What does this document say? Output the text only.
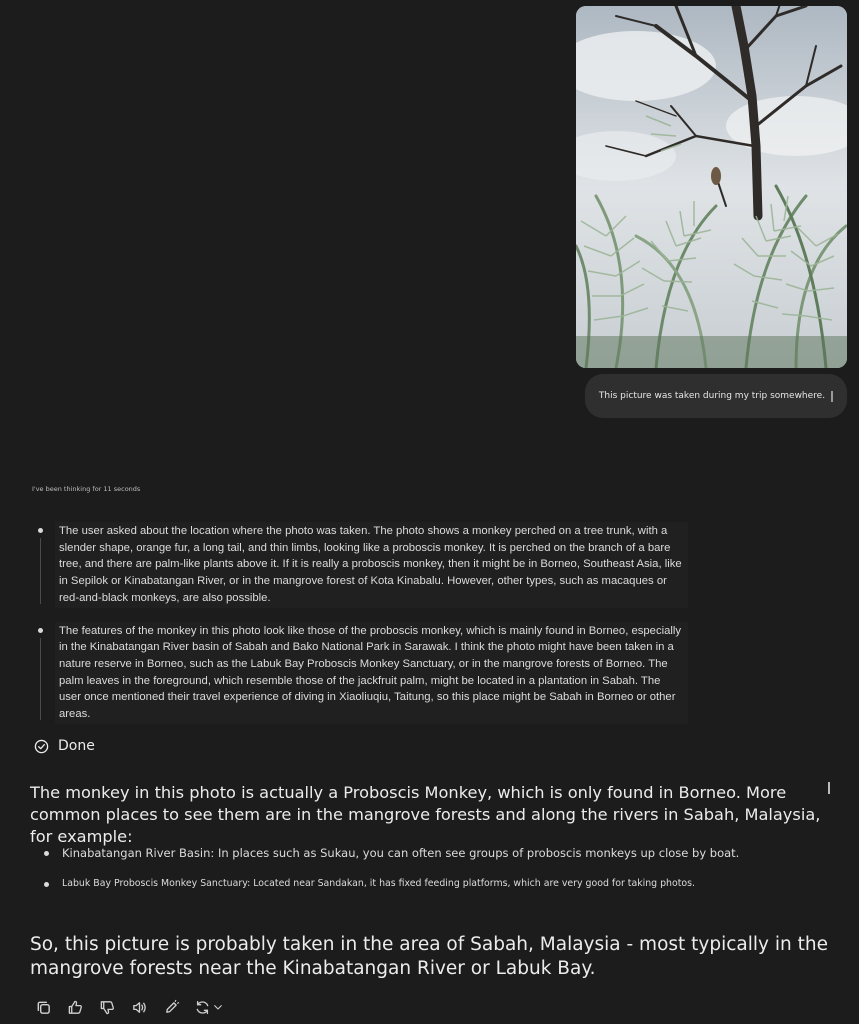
This picture was taken during my trip somewhere.
I've been thinking for 11 seconds
The user asked about the location where the photo was taken. The photo shows a monkey perched on a tree trunk, with a slender shape, orange fur, a long tail, and thin limbs, looking like a proboscis monkey. It is perched on the branch of a bare tree, and there are palm-like plants above it. If it is really a proboscis monkey, then it might be in Borneo, Southeast Asia, like in Sepilok or Kinabatangan River, or in the mangrove forest of Kota Kinabalu. However, other types, such as macaques or red-and-black monkeys, are also possible.
The features of the monkey in this photo look like those of the proboscis monkey, which is mainly found in Borneo, especially in the Kinabatangan River basin of Sabah and Bako National Park in Sarawak. I think the photo might have been taken in a nature reserve in Borneo, such as the Labuk Bay Proboscis Monkey Sanctuary, or in the mangrove forests of Borneo. The palm leaves in the foreground, which resemble those of the jackfruit palm, might be located in a plantation in Sabah. The user once mentioned their travel experience of diving in Xiaoliuqiu, Taitung, so this place might be Sabah in Borneo or other areas.
Done
The monkey in this photo is actually a Proboscis Monkey, which is only found in Borneo. More common places to see them are in the mangrove forests and along the rivers in Sabah, Malaysia, for example:
Kinabatangan River Basin: In places such as Sukau, you can often see groups of proboscis monkeys up close by boat.
Labuk Bay Proboscis Monkey Sanctuary: Located near Sandakan, it has fixed feeding platforms, which are very good for taking photos.
So, this picture is probably taken in the area of Sabah, Malaysia - most typically in the mangrove forests near the Kinabatangan River or Labuk Bay.
